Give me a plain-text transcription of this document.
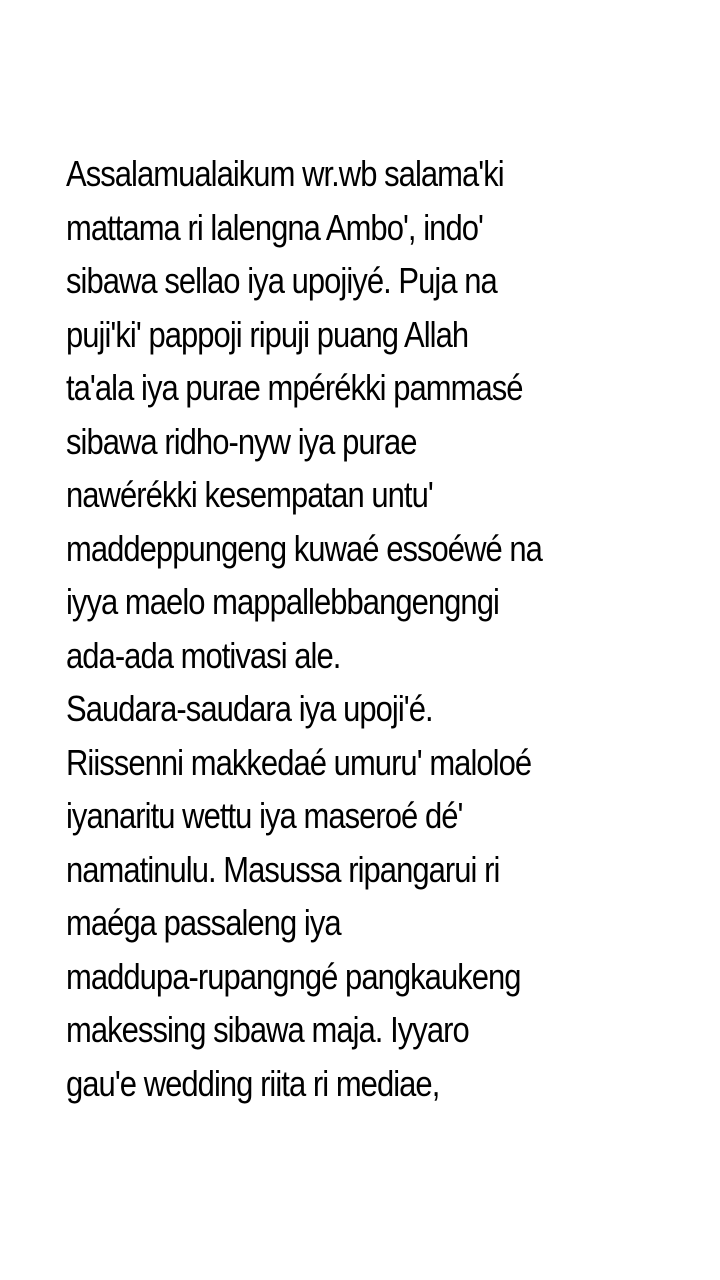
Assalamualaikum wr.wb salama'ki
mattama ri lalengna Ambo', indo'
sibawa sellao iya upojiyé. Puja na
puji'ki' pappoji ripuji puang Allah
ta'ala iya purae mpérékki pammasé
sibawa ridho-nyw iya purae
nawérékki kesempatan untu'
maddeppungeng kuwaé essoéwé na
iyya maelo mappallebbangengngi
ada-ada motivasi ale.
Saudara-saudara iya upoji'é.
Riissenni makkedaé umuru' maloloé
iyanaritu wettu iya maseroé dé'
namatinulu. Masussa ripangarui ri
maéga passaleng iya
maddupa-rupangngé pangkaukeng
makessing sibawa maja. Iyyaro
gau'e wedding riita ri mediae,
